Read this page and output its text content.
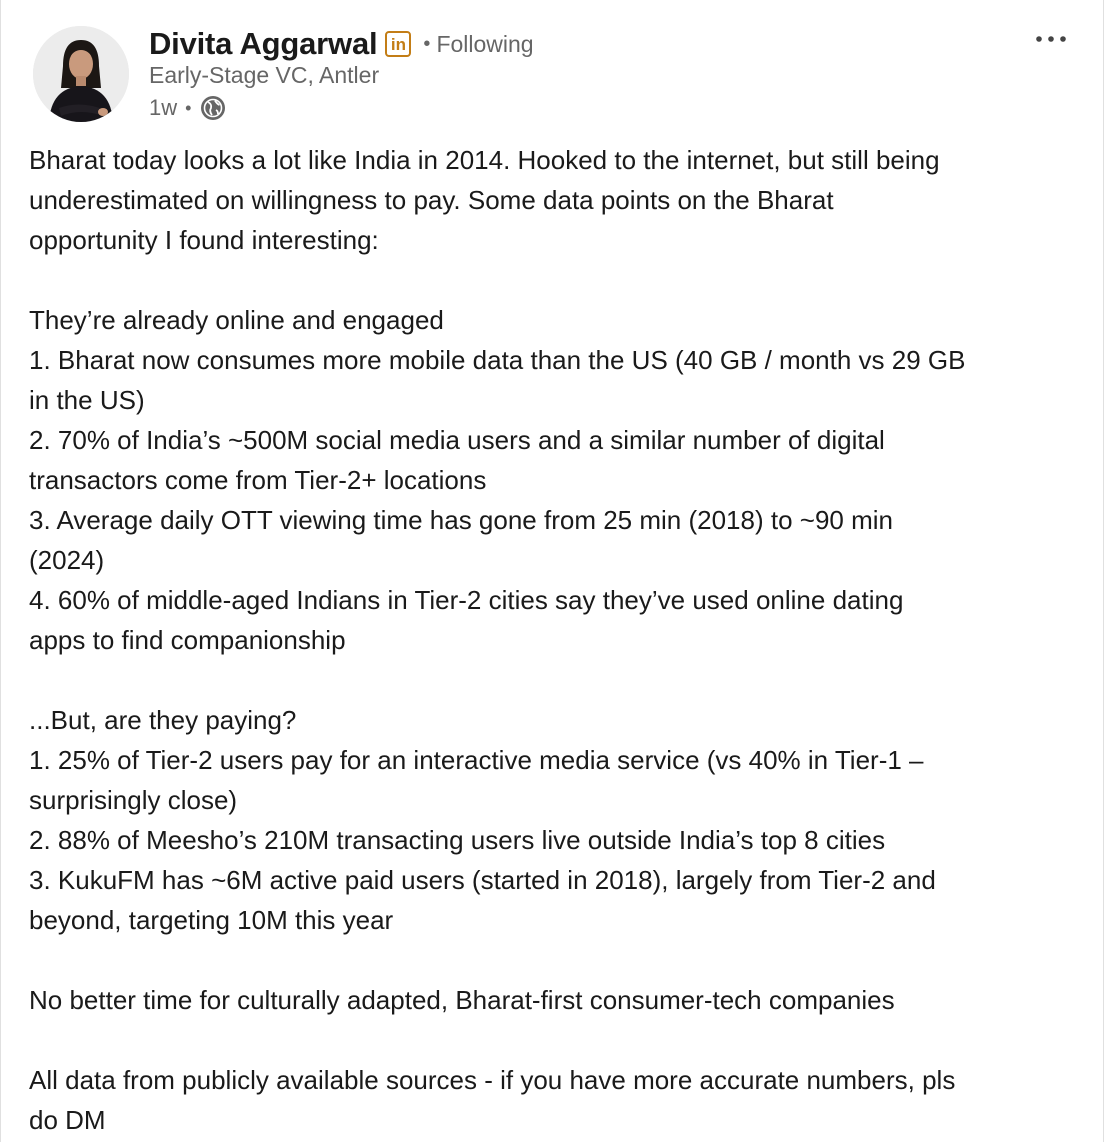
Divita Aggarwal in • Following
Early-Stage VC, Antler
1w •

Bharat today looks a lot like India in 2014. Hooked to the internet, but still being

underestimated on willingness to pay. Some data points on the Bharat

opportunity I found interesting:

They’re already online and engaged

1. Bharat now consumes more mobile data than the US (40 GB / month vs 29 GB

in the US)

2. 70% of India’s ~500M social media users and a similar number of digital

transactors come from Tier-2+ locations

3. Average daily OTT viewing time has gone from 25 min (2018) to ~90 min

(2024)

4. 60% of middle-aged Indians in Tier-2 cities say they’ve used online dating

apps to find companionship

...But, are they paying?

1. 25% of Tier-2 users pay for an interactive media service (vs 40% in Tier-1 –

surprisingly close)

2. 88% of Meesho’s 210M transacting users live outside India’s top 8 cities

3. KukuFM has ~6M active paid users (started in 2018), largely from Tier-2 and

beyond, targeting 10M this year

No better time for culturally adapted, Bharat-first consumer-tech companies

All data from publicly available sources - if you have more accurate numbers, pls

do DM
